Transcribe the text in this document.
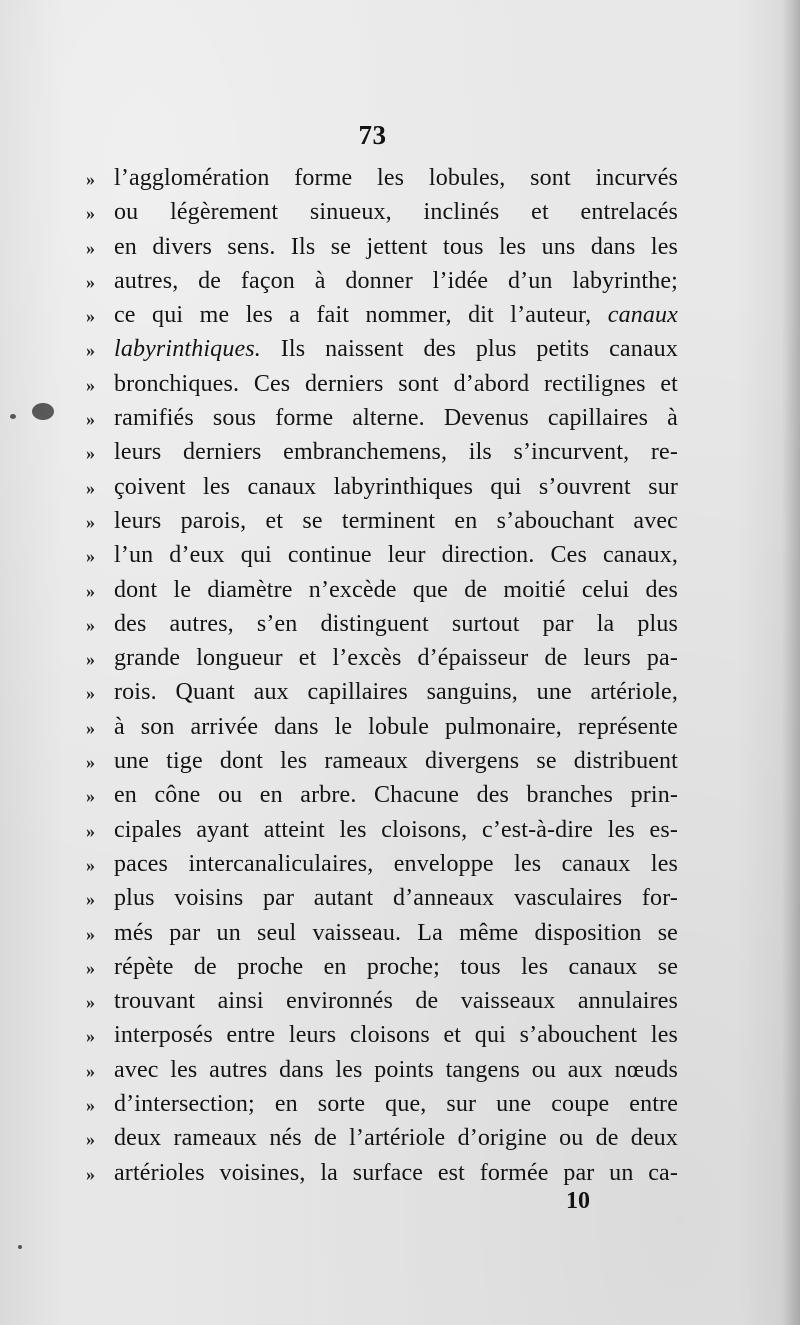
73
» l’agglomération forme les lobules, sont incurvés
» ou légèrement sinueux, inclinés et entrelacés
» en divers sens. Ils se jettent tous les uns dans les
» autres, de façon à donner l’idée d’un labyrinthe;
» ce qui me les a fait nommer, dit l’auteur, canaux
» labyrinthiques. Ils naissent des plus petits canaux
» bronchiques. Ces derniers sont d’abord rectilignes et
» ramifiés sous forme alterne. Devenus capillaires à
» leurs derniers embranchemens, ils s’incurvent, re-
» çoivent les canaux labyrinthiques qui s’ouvrent sur
» leurs parois, et se terminent en s’abouchant avec
» l’un d’eux qui continue leur direction. Ces canaux,
» dont le diamètre n’excède que de moitié celui des
» des autres, s’en distinguent surtout par la plus
» grande longueur et l’excès d’épaisseur de leurs pa-
» rois. Quant aux capillaires sanguins, une artériole,
» à son arrivée dans le lobule pulmonaire, représente
» une tige dont les rameaux divergens se distribuent
» en cône ou en arbre. Chacune des branches prin-
» cipales ayant atteint les cloisons, c’est-à-dire les es-
» paces intercanaliculaires, enveloppe les canaux les
» plus voisins par autant d’anneaux vasculaires for-
» més par un seul vaisseau. La même disposition se
» répète de proche en proche; tous les canaux se
» trouvant ainsi environnés de vaisseaux annulaires
» interposés entre leurs cloisons et qui s’abouchent les
» avec les autres dans les points tangens ou aux nœuds
» d’intersection; en sorte que, sur une coupe entre
» deux rameaux nés de l’artériole d’origine ou de deux
» artérioles voisines, la surface est formée par un ca-
10
